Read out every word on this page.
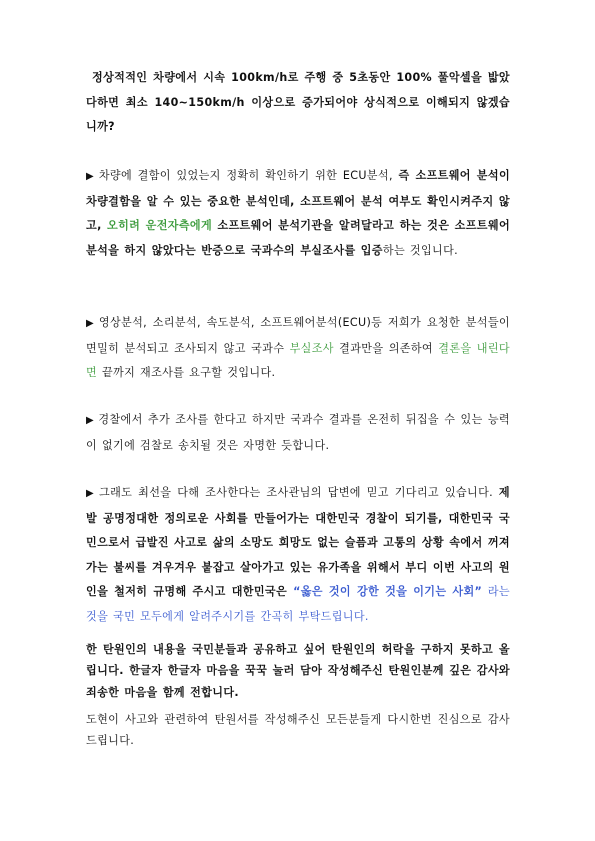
정상적적인 차량에서 시속 100km/h로 주행 중 5초동안 100% 풀악셀을 밟았다하면 최소 140~150km/h 이상으로 증가되어야 상식적으로 이해되지 않겠습니까?

▶ 차량에 결함이 있었는지 정확히 확인하기 위한 ECU분석, 즉 소프트웨어 분석이 차량결함을 알 수 있는 중요한 분석인데, 소프트웨어 분석 여부도 확인시켜주지 않고, 오히려 운전자측에게 소프트웨어 분석기관을 알려달라고 하는 것은 소프트웨어 분석을 하지 않았다는 반증으로 국과수의 부실조사를 입증하는 것입니다.

▶ 영상분석, 소리분석, 속도분석, 소프트웨어분석(ECU)등 저희가 요청한 분석들이 면밀히 분석되고 조사되지 않고 국과수 부실조사 결과만을 의존하여 결론을 내린다면 끝까지 재조사를 요구할 것입니다.

▶ 경찰에서 추가 조사를 한다고 하지만 국과수 결과를 온전히 뒤집을 수 있는 능력이 없기에 검찰로 송치될 것은 자명한 듯합니다.

▶ 그래도 최선을 다해 조사한다는 조사관님의 답변에 믿고 기다리고 있습니다. 제발 공명정대한 정의로운 사회를 만들어가는 대한민국 경찰이 되기를, 대한민국 국민으로서 급발진 사고로 삶의 소망도 희망도 없는 슬픔과 고통의 상황 속에서 꺼져가는 불씨를 겨우겨우 붙잡고 살아가고 있는 유가족을 위해서 부디 이번 사고의 원인을 철저히 규명해 주시고 대한민국은 “옳은 것이 강한 것을 이기는 사회” 라는 것을 국민 모두에게 알려주시기를 간곡히 부탁드립니다.

한 탄원인의 내용을 국민분들과 공유하고 싶어 탄원인의 허락을 구하지 못하고 올립니다. 한글자 한글자 마음을 꾹꾹 눌러 담아 작성해주신 탄원인분께 깊은 감사와 죄송한 마음을 함께 전합니다.

도현이 사고와 관련하여 탄원서를 작성해주신 모든분들게 다시한번 진심으로 감사드립니다.
